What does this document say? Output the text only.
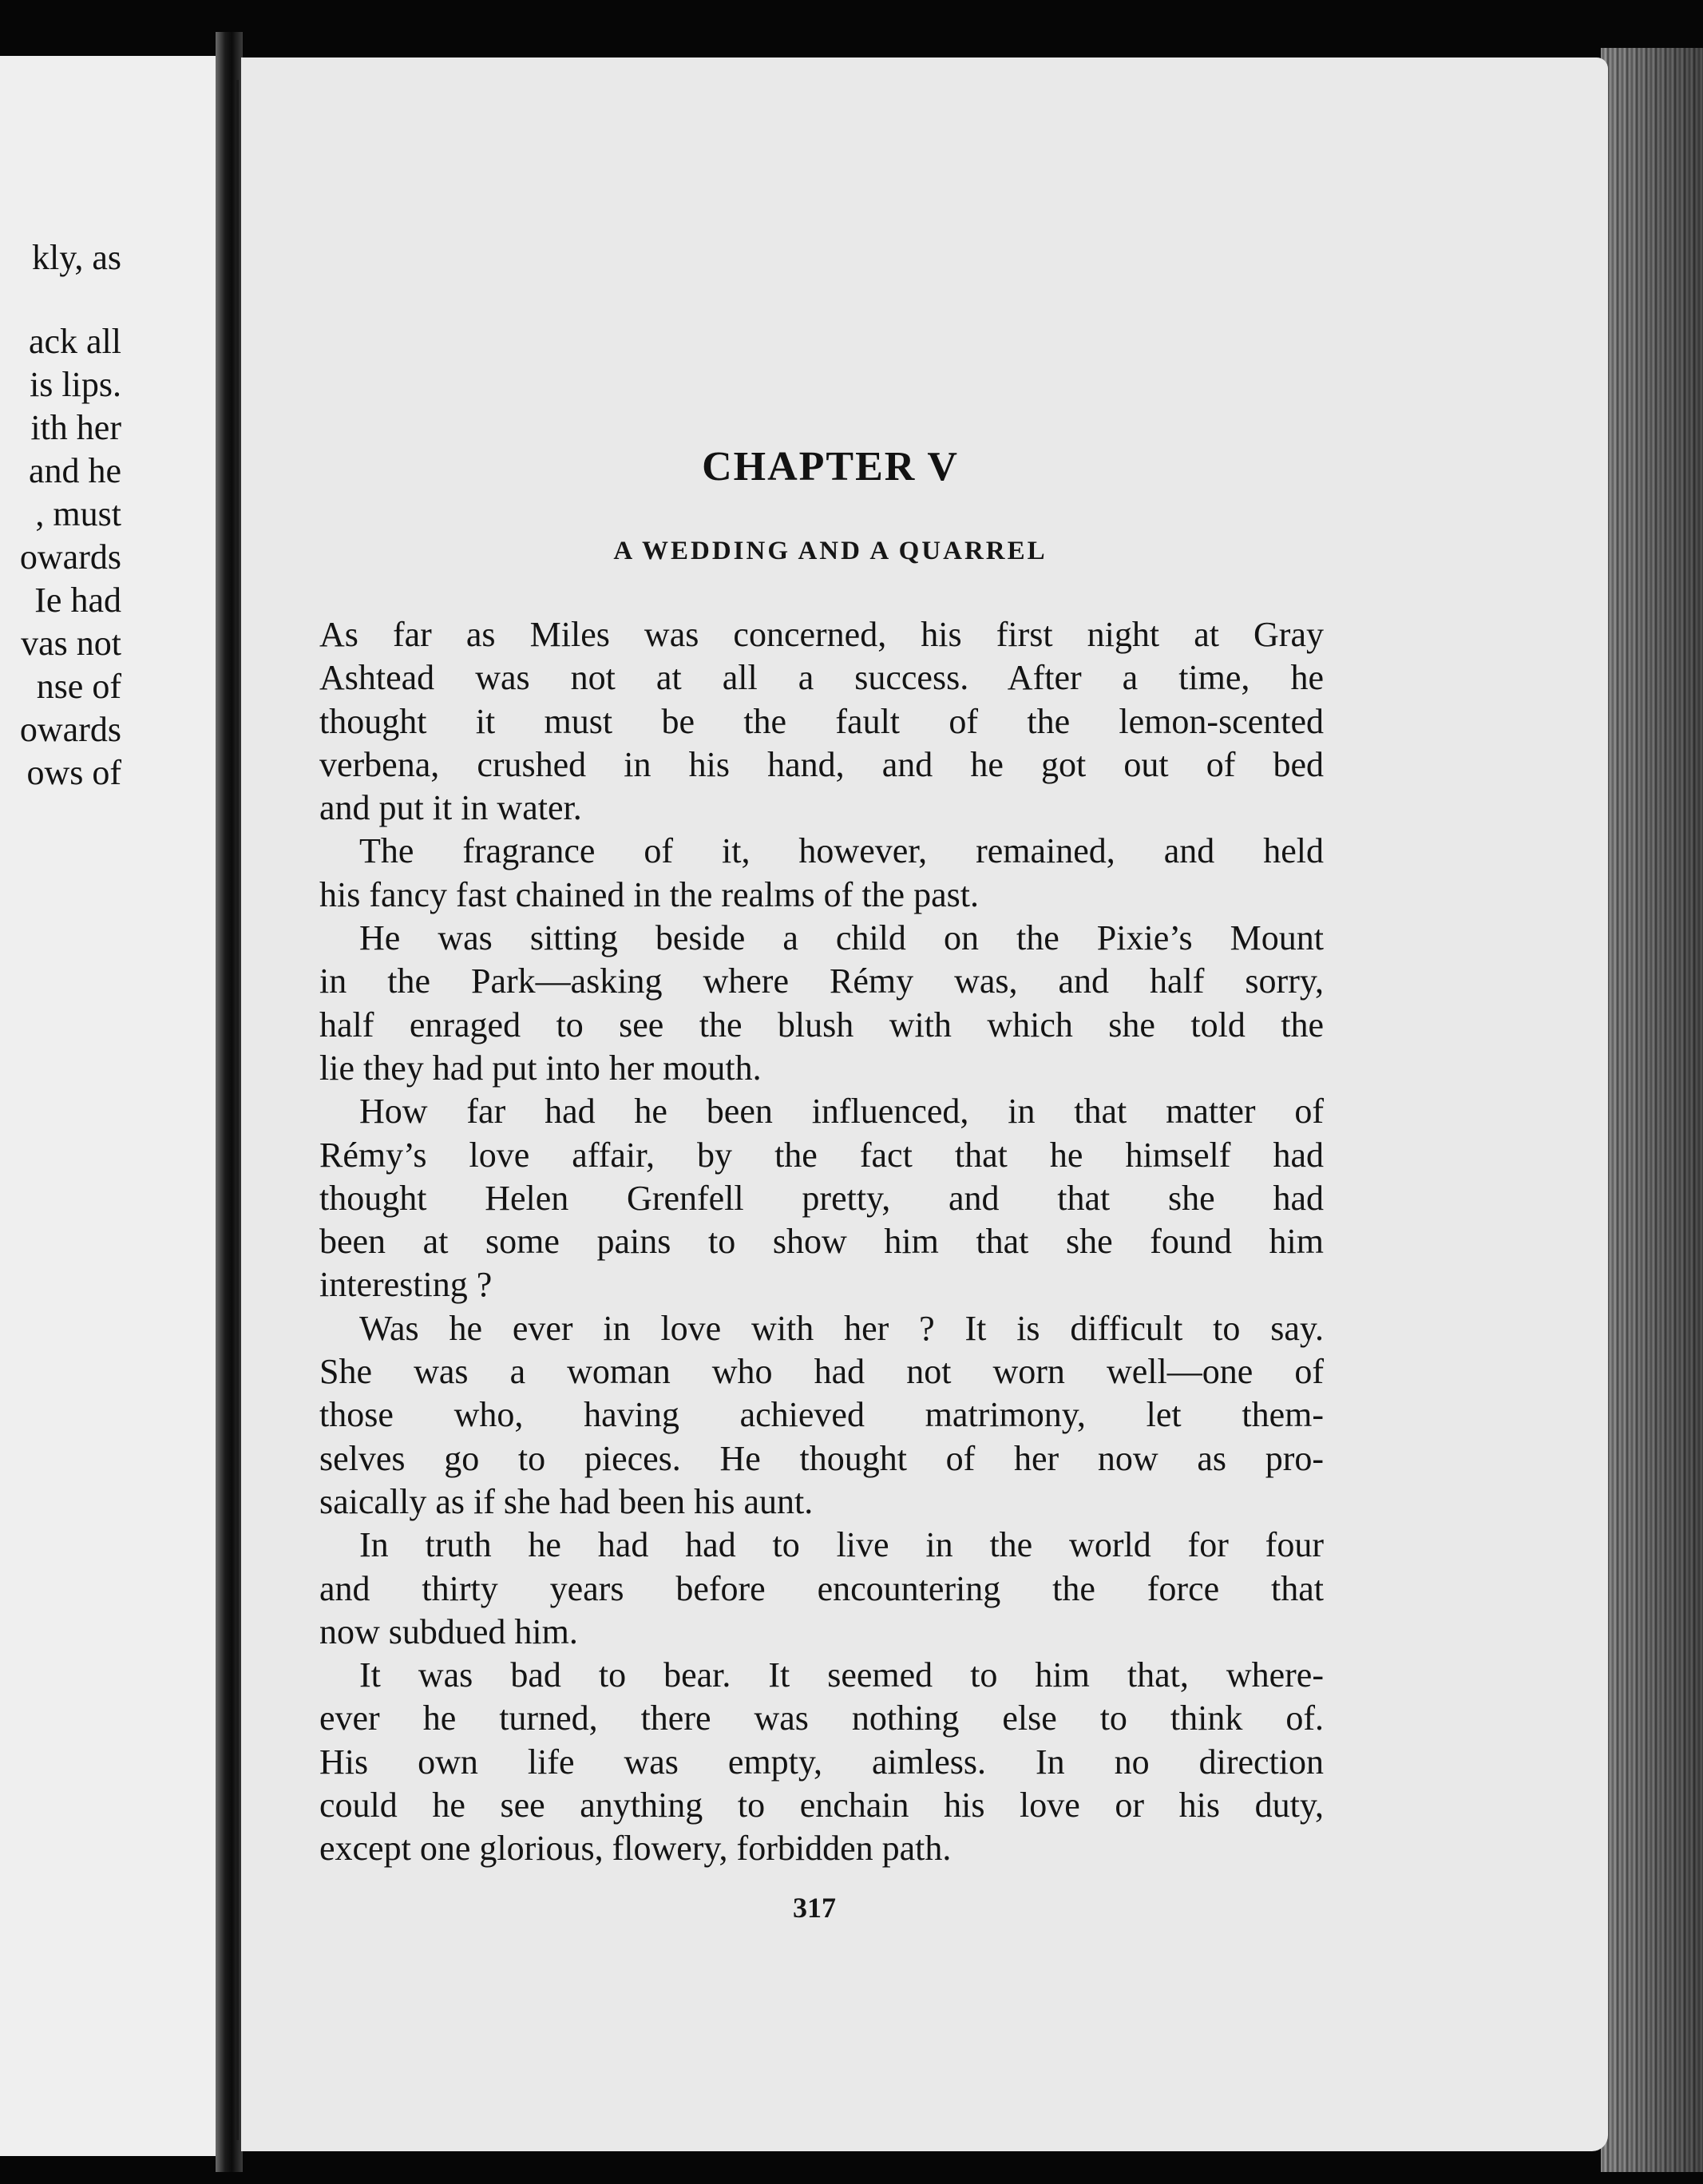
kly, as
ack all
is lips.
ith her
and he
, must
owards
Ie had
vas not
nse of
owards
ows of
CHAPTER V
A WEDDING AND A QUARREL
As far as Miles was concerned, his first night at Gray
Ashtead was not at all a success. After a time, he
thought it must be the fault of the lemon-scented
verbena, crushed in his hand, and he got out of bed
and put it in water.
The fragrance of it, however, remained, and held
his fancy fast chained in the realms of the past.
He was sitting beside a child on the Pixie’s Mount
in the Park—asking where Rémy was, and half sorry,
half enraged to see the blush with which she told the
lie they had put into her mouth.
How far had he been influenced, in that matter of
Rémy’s love affair, by the fact that he himself had
thought Helen Grenfell pretty, and that she had
been at some pains to show him that she found him
interesting ?
Was he ever in love with her ? It is difficult to say.
She was a woman who had not worn well—one of
those who, having achieved matrimony, let them-
selves go to pieces. He thought of her now as pro-
saically as if she had been his aunt.
In truth he had had to live in the world for four
and thirty years before encountering the force that
now subdued him.
It was bad to bear. It seemed to him that, where-
ever he turned, there was nothing else to think of.
His own life was empty, aimless. In no direction
could he see anything to enchain his love or his duty,
except one glorious, flowery, forbidden path.
317
